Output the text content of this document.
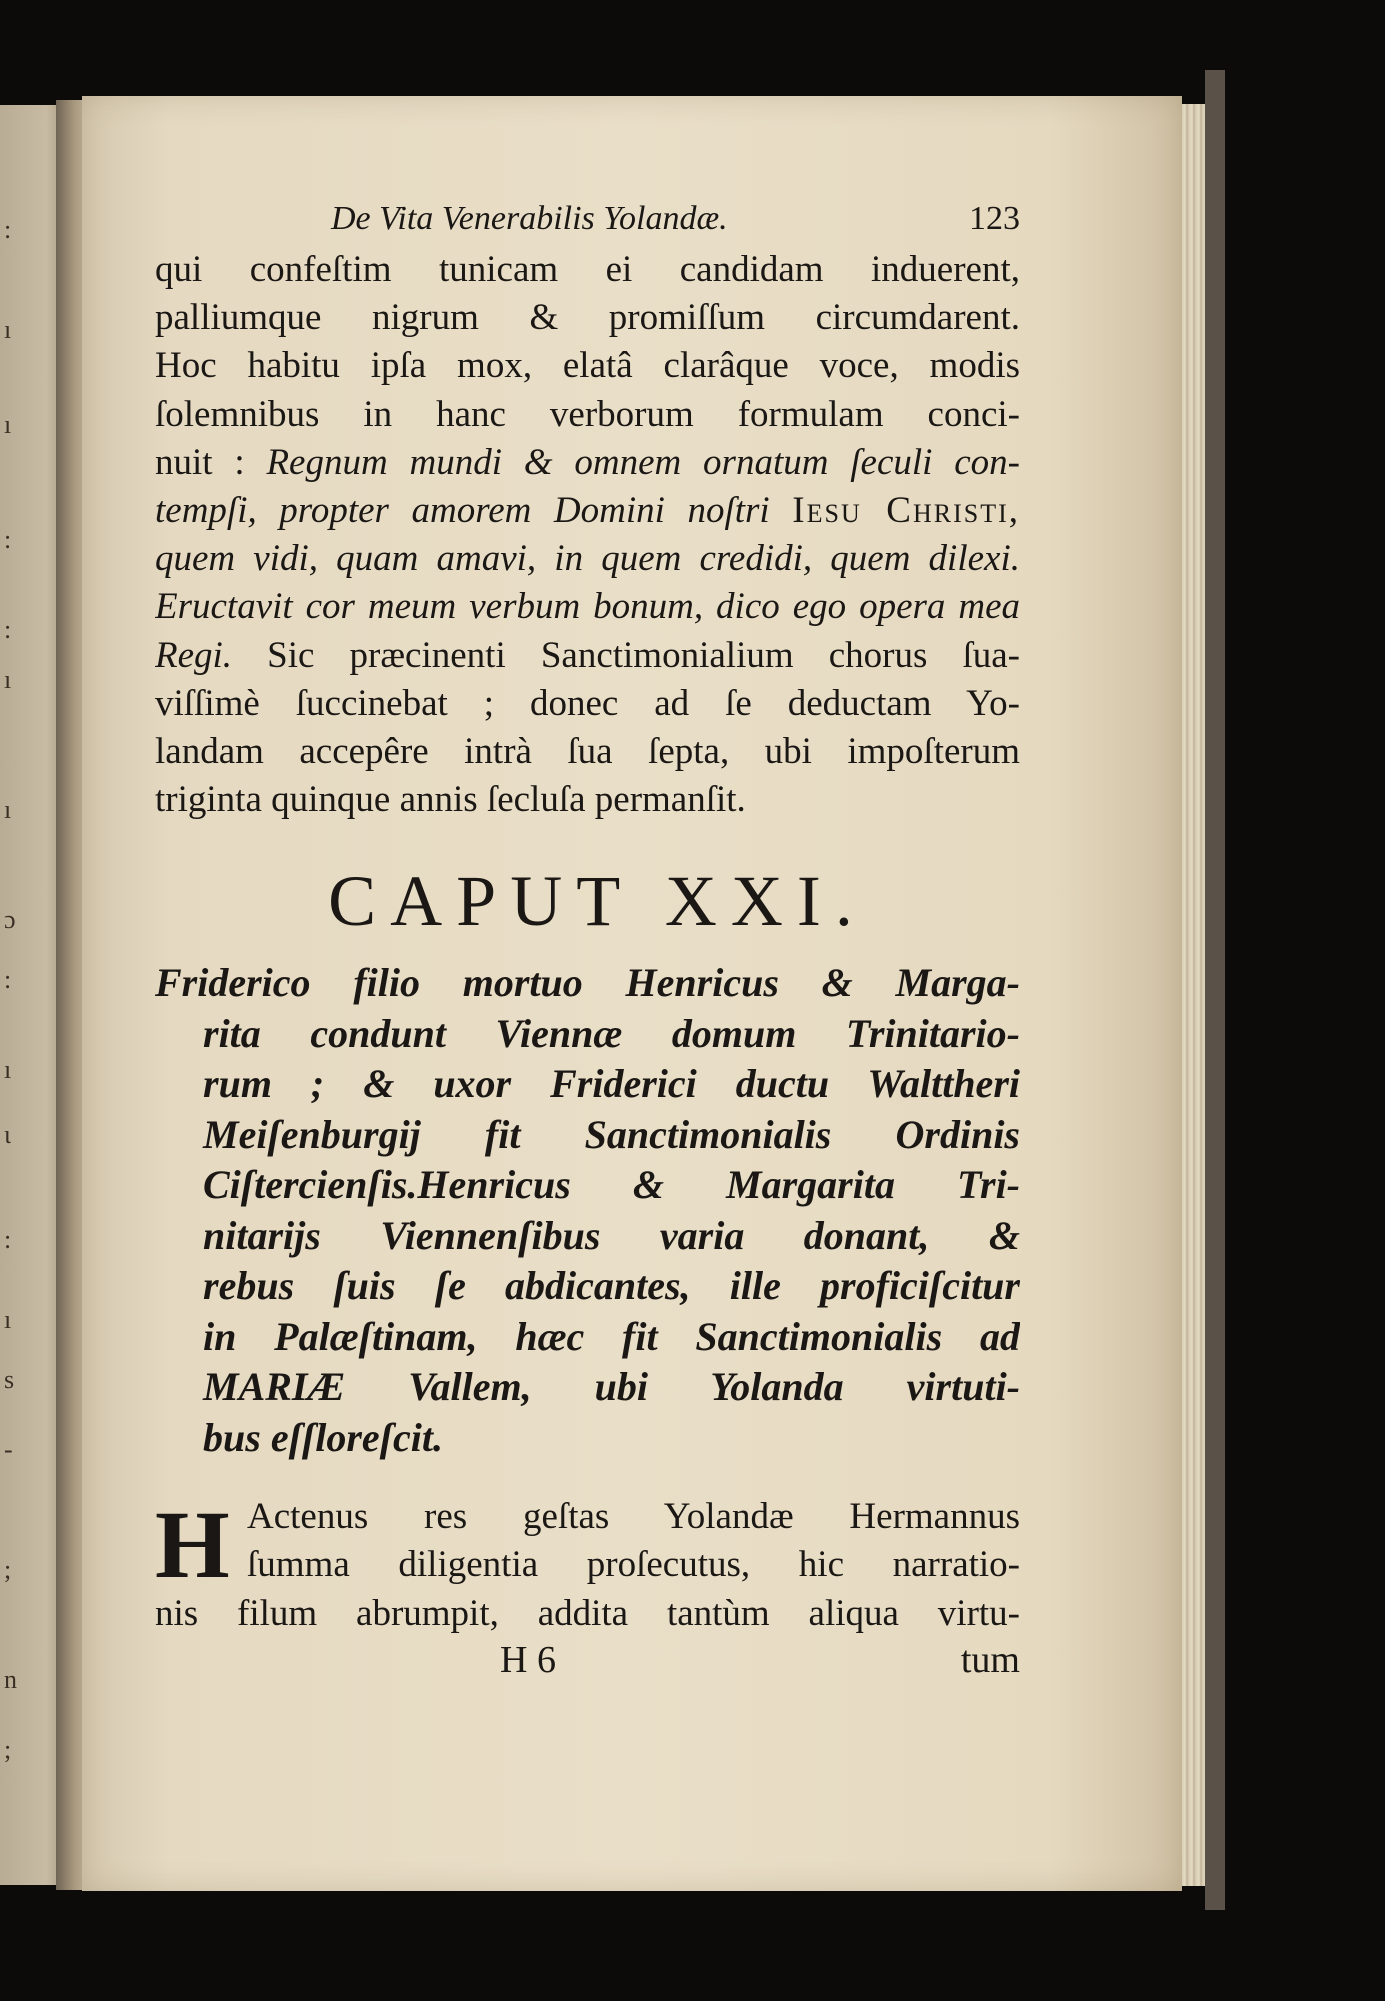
:
ı
ı
:
:
ı
ı
ɔ
:
ı
ɩ
:
ı
s
-
;
n
;
De Vita Venerabilis Yolandæ.	123
qui confeſtim tunicam ei candidam induerent,
palliumque nigrum & promiſſum circumdarent.
Hoc habitu ipſa mox, elatâ clarâque voce, modis
ſolemnibus in hanc verborum formulam conci-
nuit : Regnum mundi & omnem ornatum ſeculi con-
tempſi, propter amorem Domini noſtri Iesu Christi,
quem vidi, quam amavi, in quem credidi, quem dilexi.
Eructavit cor meum verbum bonum, dico ego opera mea
Regi. Sic præcinenti Sanctimonialium chorus ſua-
viſſimè ſuccinebat ; donec ad ſe deductam Yo-
landam accepêre intrà ſua ſepta, ubi impoſterum
triginta quinque annis ſecluſa permanſit.
CAPUT XXI.
Friderico filio mortuo Henricus & Marga-
rita condunt Viennæ domum Trinitario-
rum ; & uxor Friderici ductu Walttheri
Meiſenburgij fit Sanctimonialis Ordinis
Ciſtercienſis.Henricus & Margarita Tri-
nitarijs Viennenſibus varia donant, &
rebus ſuis ſe abdicantes, ille proficiſcitur
in Palæſtinam, hæc fit Sanctimonialis ad
MARIÆ Vallem, ubi Yolanda virtuti-
bus eſſloreſcit.
H Actenus res geſtas Yolandæ Hermannus
ſumma diligentia proſecutus, hic narratio-
nis filum abrumpit, addita tantùm aliqua virtu-
H 6	tum
